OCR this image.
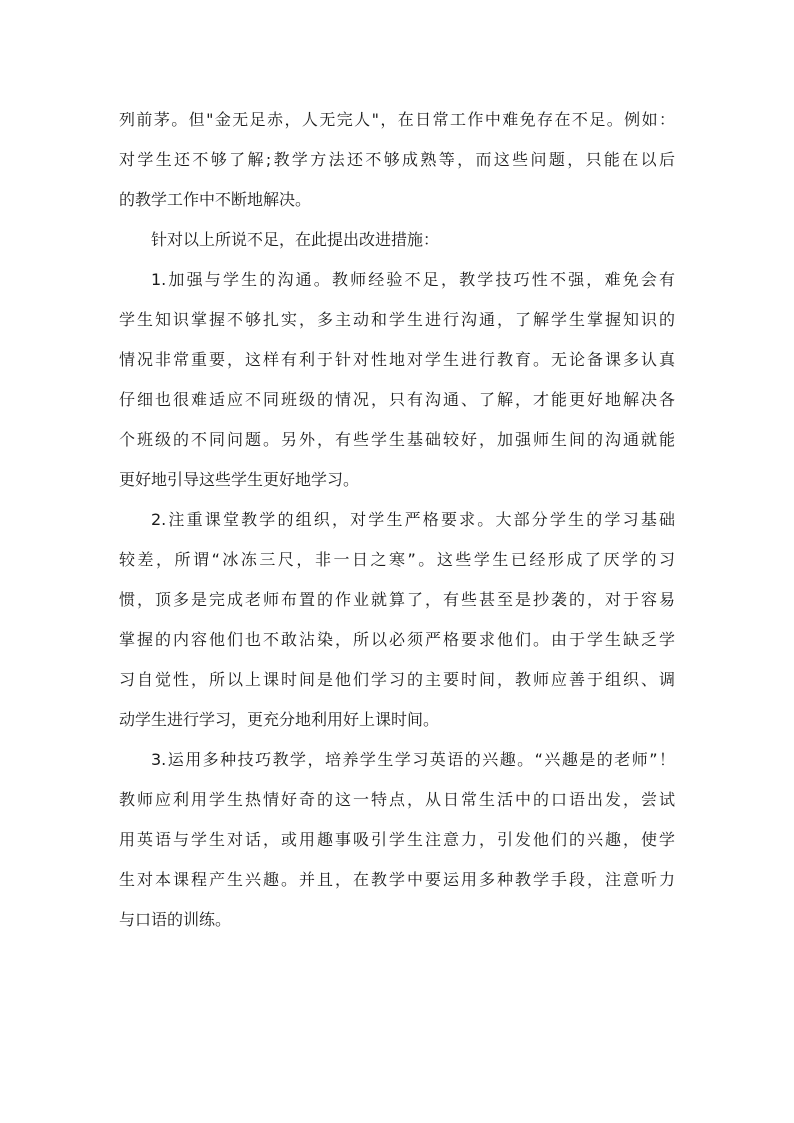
列前茅。但"金无足赤，人无完人"，在日常工作中难免存在不足。例如：
对学生还不够了解;教学方法还不够成熟等，而这些问题，只能在以后
的教学工作中不断地解决。
针对以上所说不足，在此提出改进措施：
1.加强与学生的沟通。教师经验不足，教学技巧性不强，难免会有
学生知识掌握不够扎实，多主动和学生进行沟通，了解学生掌握知识的
情况非常重要，这样有利于针对性地对学生进行教育。无论备课多认真
仔细也很难适应不同班级的情况，只有沟通、了解，才能更好地解决各
个班级的不同问题。另外，有些学生基础较好，加强师生间的沟通就能
更好地引导这些学生更好地学习。
2.注重课堂教学的组织，对学生严格要求。大部分学生的学习基础
较差，所谓“冰冻三尺，非一日之寒”。这些学生已经形成了厌学的习
惯，顶多是完成老师布置的作业就算了，有些甚至是抄袭的，对于容易
掌握的内容他们也不敢沾染，所以必须严格要求他们。由于学生缺乏学
习自觉性，所以上课时间是他们学习的主要时间，教师应善于组织、调
动学生进行学习，更充分地利用好上课时间。
3.运用多种技巧教学，培养学生学习英语的兴趣。“兴趣是的老师”！
教师应利用学生热情好奇的这一特点，从日常生活中的口语出发，尝试
用英语与学生对话，或用趣事吸引学生注意力，引发他们的兴趣，使学
生对本课程产生兴趣。并且，在教学中要运用多种教学手段，注意听力
与口语的训练。
